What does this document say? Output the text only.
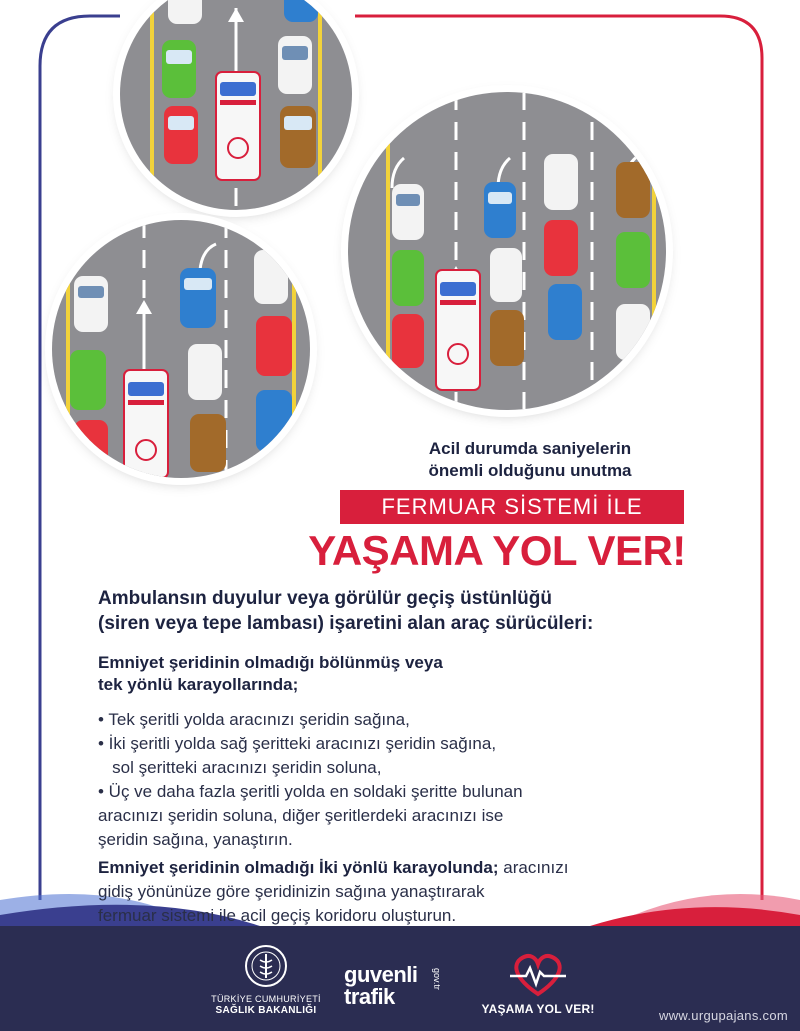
Acil durumda saniyelerin
önemli olduğunu unutma
FERMUAR SİSTEMİ İLE
YAŞAMA YOL VER!
Ambulansın duyulur veya görülür geçiş üstünlüğü
(siren veya tepe lambası) işaretini alan araç sürücüleri:
Emniyet şeridinin olmadığı bölünmüş veya
tek yönlü karayollarında;
• Tek şeritli yolda aracınızı şeridin sağına,
• İki şeritli yolda sağ şeritteki aracınızı şeridin sağına,
sol şeritteki aracınızı şeridin soluna,
• Üç ve daha fazla şeritli yolda en soldaki şeritte bulunan
aracınızı şeridin soluna, diğer şeritlerdeki aracınızı ise
şeridin sağına, yanaştırın.
Emniyet şeridinin olmadığı İki yönlü karayolunda; aracınızı
gidiş yönünüze göre şeridinizin sağına yanaştırarak
fermuar sistemi ile acil geçiş koridoru oluşturun.
TÜRKİYE CUMHURİYETİ
SAĞLIK BAKANLIĞI
guvenli
trafik
gov.tr
YAŞAMA YOL VER!	www.urgupajans.com
